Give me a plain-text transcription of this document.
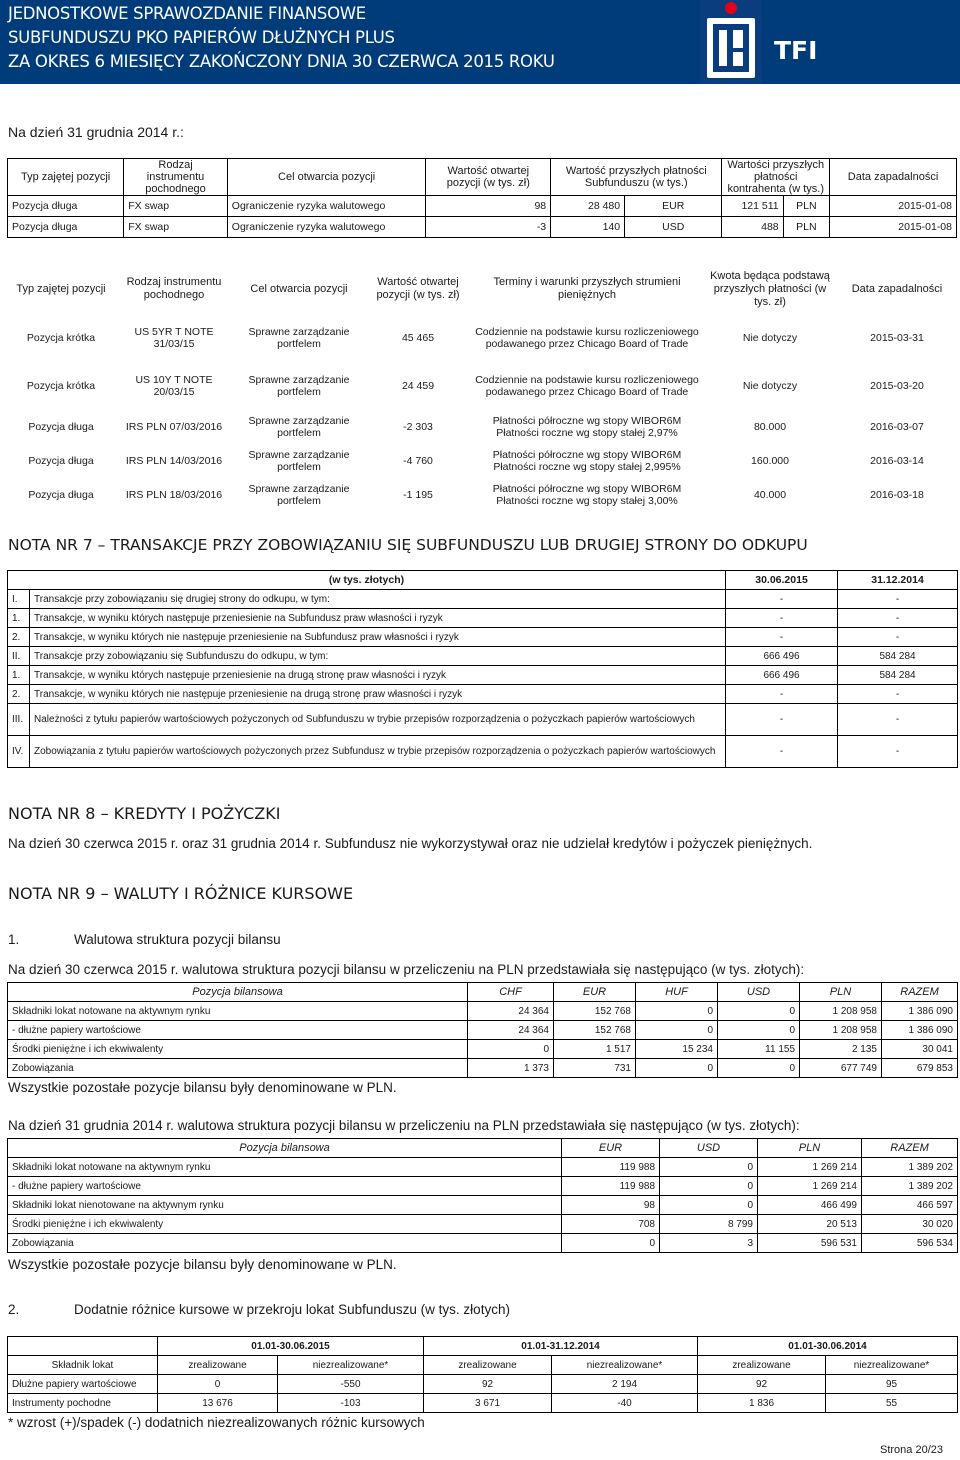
JEDNOSTKOWE SPRAWOZDANIE FINANSOWE
SUBFUNDUSZU PKO PAPIERÓW DŁUŻNYCH PLUS
ZA OKRES 6 MIESIĘCY ZAKOŃCZONY DNIA 30 CZERWCA 2015 ROKU	TFI
Na dzień 31 grudnia 2014 r.:
Typ zajętej pozycji	Rodzaj instrumentu pochodnego	Cel otwarcia pozycji	Wartość otwartej pozycji (w tys. zł)	Wartość przyszłych płatności Subfunduszu (w tys.)		Wartości przyszłych płatności kontrahenta (w tys.)		Data zapadalności
Pozycja długa	FX swap	Ograniczenie ryzyka walutowego	98	28 480	EUR	121 511	PLN	2015-01-08
Pozycja długa	FX swap	Ograniczenie ryzyka walutowego	-3	140	USD	488	PLN	2015-01-08
Typ zajętej pozycji	Rodzaj instrumentu pochodnego	Cel otwarcia pozycji	Wartość otwartej pozycji (w tys. zł)	Terminy i warunki przyszłych strumieni pieniężnych	Kwota będąca podstawą przyszłych płatności (w tys. zł)	Data zapadalności
Pozycja krótka	US 5YR T NOTE 31/03/15	Sprawne zarządzanie portfelem	45 465	Codziennie na podstawie kursu rozliczeniowego podawanego przez Chicago Board of Trade	Nie dotyczy	2015-03-31
Pozycja krótka	US 10Y T NOTE 20/03/15	Sprawne zarządzanie portfelem	24 459	Codziennie na podstawie kursu rozliczeniowego podawanego przez Chicago Board of Trade	Nie dotyczy	2015-03-20
Pozycja długa	IRS PLN 07/03/2016	Sprawne zarządzanie portfelem	-2 303	Płatności półroczne wg stopy WIBOR6M Płatności roczne wg stopy stałej 2,97%	80.000	2016-03-07
Pozycja długa	IRS PLN 14/03/2016	Sprawne zarządzanie portfelem	-4 760	Płatności półroczne wg stopy WIBOR6M Płatności roczne wg stopy stałej 2,995%	160.000	2016-03-14
Pozycja długa	IRS PLN 18/03/2016	Sprawne zarządzanie portfelem	-1 195	Płatności półroczne wg stopy WIBOR6M Płatności roczne wg stopy stałej 3,00%	40.000	2016-03-18
NOTA NR 7 – TRANSAKCJE PRZY ZOBOWIĄZANIU SIĘ SUBFUNDUSZU LUB DRUGIEJ STRONY DO ODKUPU
(w tys. złotych)		30.06.2015	31.12.2014
I.	Transakcje przy zobowiązaniu się drugiej strony do odkupu, w tym:	-	-
1.	Transakcje, w wyniku których następuje przeniesienie na Subfundusz praw własności i ryzyk	-	-
2.	Transakcje, w wyniku których nie następuje przeniesienie na Subfundusz praw własności i ryzyk	-	-
II.	Transakcje przy zobowiązaniu się Subfunduszu do odkupu, w tym:	666 496	584 284
1.	Transakcje, w wyniku których następuje przeniesienie na drugą stronę praw własności i ryzyk	666 496	584 284
2.	Transakcje, w wyniku których nie następuje przeniesienie na drugą stronę praw własności i ryzyk	-	-
III.	Należności z tytułu papierów wartościowych pożyczonych od Subfunduszu w trybie przepisów rozporządzenia o pożyczkach papierów wartościowych	-	-
IV.	Zobowiązania z tytułu papierów wartościowych pożyczonych przez Subfundusz w trybie przepisów rozporządzenia o pożyczkach papierów wartościowych	-	-
NOTA NR 8 – KREDYTY I POŻYCZKI
Na dzień 30 czerwca 2015 r. oraz 31 grudnia 2014 r. Subfundusz nie wykorzystywał oraz nie udzielał kredytów i pożyczek pieniężnych.
NOTA NR 9 – WALUTY I RÓŻNICE KURSOWE
1.	Walutowa struktura pozycji bilansu
Na dzień 30 czerwca 2015 r. walutowa struktura pozycji bilansu w przeliczeniu na PLN przedstawiała się następująco (w tys. złotych):
Pozycja bilansowa	CHF	EUR	HUF	USD	PLN	RAZEM
Składniki lokat notowane na aktywnym rynku	24 364	152 768	0	0	1 208 958	1 386 090
- dłużne papiery wartościowe	24 364	152 768	0	0	1 208 958	1 386 090
Środki pieniężne i ich ekwiwalenty	0	1 517	15 234	11 155	2 135	30 041
Zobowiązania	1 373	731	0	0	677 749	679 853
Wszystkie pozostałe pozycje bilansu były denominowane w PLN.
Na dzień 31 grudnia 2014 r. walutowa struktura pozycji bilansu w przeliczeniu na PLN przedstawiała się następująco (w tys. złotych):
Pozycja bilansowa	EUR	USD	PLN	RAZEM
Składniki lokat notowane na aktywnym rynku	119 988	0	1 269 214	1 389 202
- dłużne papiery wartościowe	119 988	0	1 269 214	1 389 202
Składniki lokat nienotowane na aktywnym rynku	98	0	466 499	466 597
Środki pieniężne i ich ekwiwalenty	708	8 799	20 513	30 020
Zobowiązania	0	3	596 531	596 534
Wszystkie pozostałe pozycje bilansu były denominowane w PLN.
2.	Dodatnie różnice kursowe w przekroju lokat Subfunduszu (w tys. złotych)
	01.01-30.06.2015		01.01-31.12.2014		01.01-30.06.2014	
Składnik lokat	zrealizowane	niezrealizowane*	zrealizowane	niezrealizowane*	zrealizowane	niezrealizowane*
Dłużne papiery wartościowe	0	-550	92	2 194	92	95
Instrumenty pochodne	13 676	-103	3 671	-40	1 836	55
* wzrost (+)/spadek (-) dodatnich niezrealizowanych różnic kursowych
Strona 20/23
